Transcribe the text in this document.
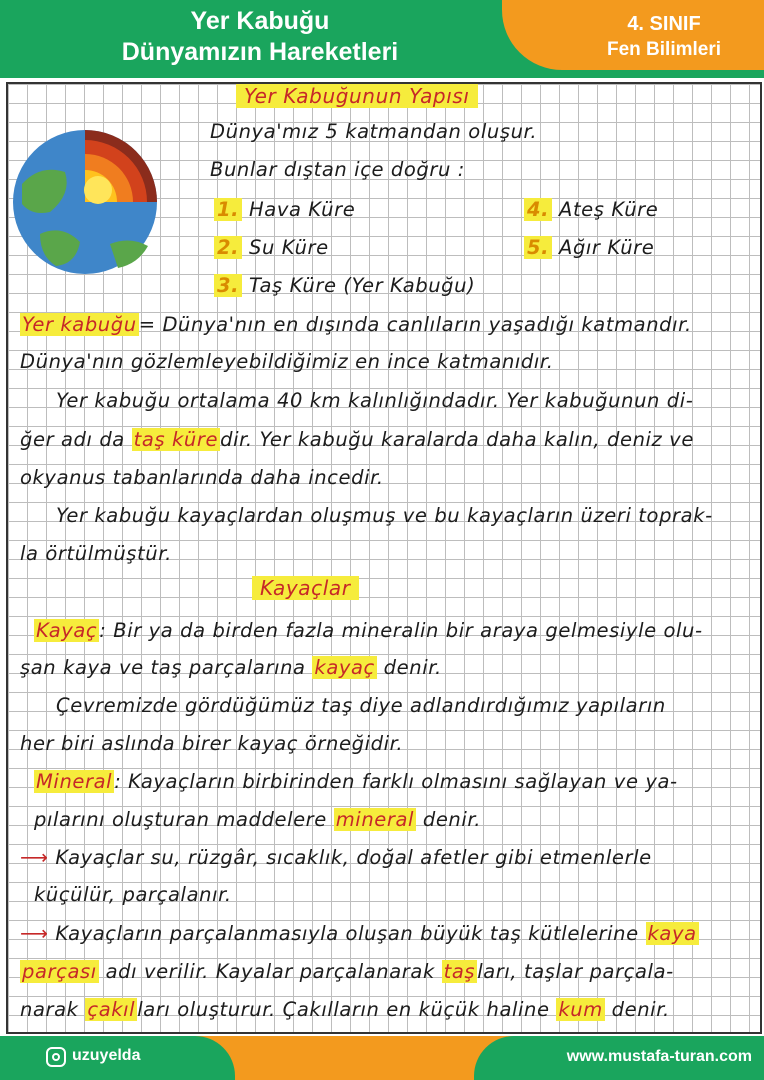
Yer Kabuğu
Dünyamızın Hareketleri
4. SINIF
Fen Bilimleri
Yer Kabuğunun Yapısı
Dünya'mız 5 katmandan oluşur.
Bunlar dıştan içe doğru :
1. Hava Küre
2. Su Küre
3. Taş Küre (Yer Kabuğu)
4. Ateş Küre
5. Ağır Küre
Yer kabuğu = Dünya'nın en dışında canlıların yaşadığı katmandır.
Dünya'nın gözlemleyebildiğimiz en ince katmanıdır.
Yer kabuğu ortalama 40 km kalınlığındadır. Yer kabuğunun di-
ğer adı da taş küre dir. Yer kabuğu karalarda daha kalın, deniz ve
okyanus tabanlarında daha incedir.
Yer kabuğu kayaçlardan oluşmuş ve bu kayaçların üzeri toprak-
la örtülmüştür.
Kayaçlar
Kayaç : Bir ya da birden fazla mineralin bir araya gelmesiyle olu-
şan kaya ve taş parçalarına kayaç denir.
Çevremizde gördüğümüz taş diye adlandırdığımız yapıların
her biri aslında birer kayaç örneğidir.
Mineral : Kayaçların birbirinden farklı olmasını sağlayan ve ya-
pılarını oluşturan maddelere mineral denir.
⟶ Kayaçlar su, rüzgâr, sıcaklık, doğal afetler gibi etmenlerle
küçülür, parçalanır.
⟶ Kayaçların parçalanmasıyla oluşan büyük taş kütlelerine kaya
parçası adı verilir. Kayalar parçalanarak taş ları, taşlar parçala-
narak çakıl ları oluşturur. Çakılların en küçük haline kum denir.
uzuyelda	www.mustafa-turan.com
